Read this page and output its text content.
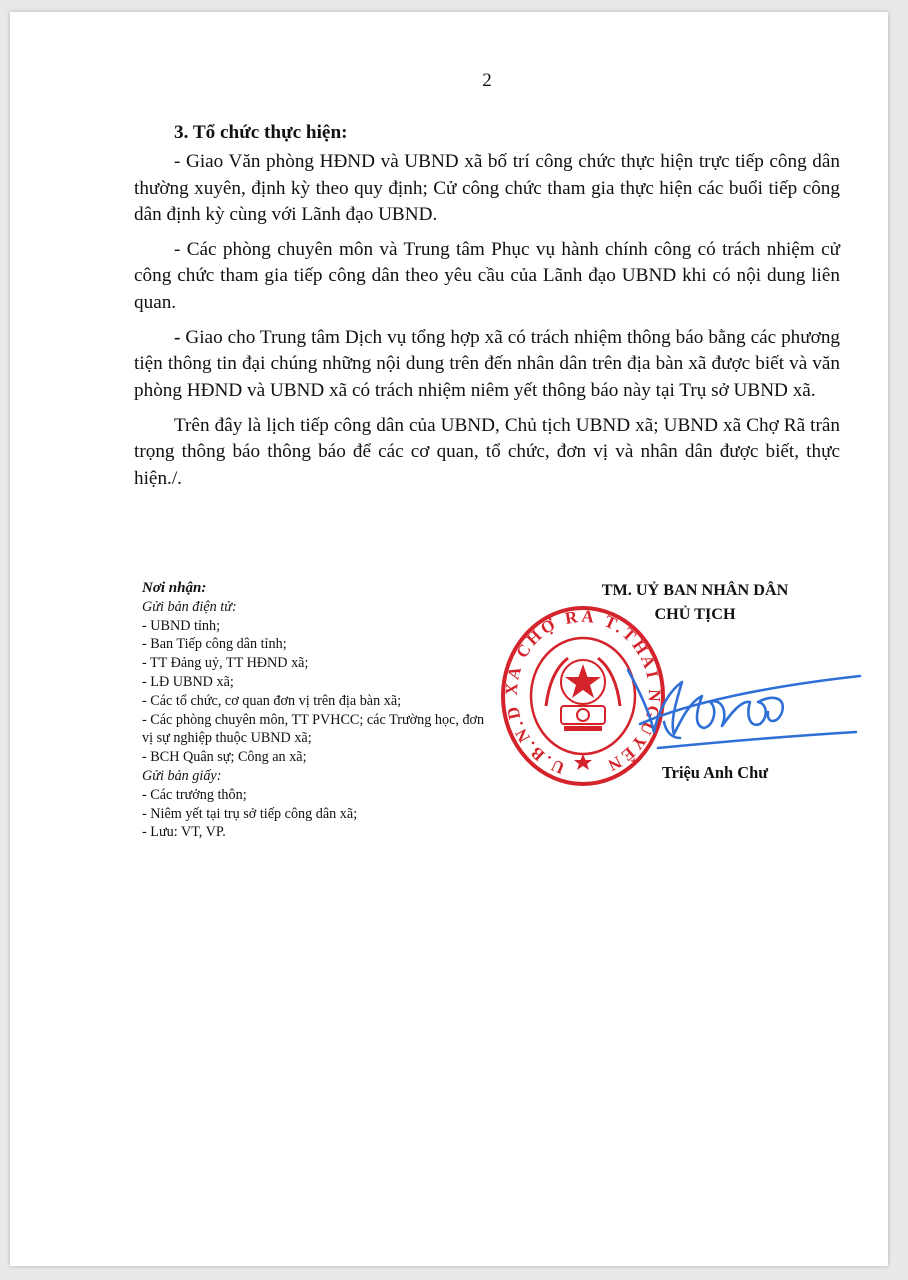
2

3. Tổ chức thực hiện:

- Giao Văn phòng HĐND và UBND xã bố trí công chức thực hiện trực tiếp công dân thường xuyên, định kỳ theo quy định; Cử công chức tham gia thực hiện các buổi tiếp công dân định kỳ cùng với Lãnh đạo UBND.

- Các phòng chuyên môn và Trung tâm Phục vụ hành chính công có trách nhiệm cử công chức tham gia tiếp công dân theo yêu cầu của Lãnh đạo UBND khi có nội dung liên quan.

- Giao cho Trung tâm Dịch vụ tổng hợp xã có trách nhiệm thông báo bằng các phương tiện thông tin đại chúng những nội dung trên đến nhân dân trên địa bàn xã được biết và văn phòng HĐND và UBND xã có trách nhiệm niêm yết thông báo này tại Trụ sở UBND xã.

Trên đây là lịch tiếp công dân của UBND, Chủ tịch UBND xã; UBND xã Chợ Rã trân trọng thông báo thông báo để các cơ quan, tổ chức, đơn vị và nhân dân được biết, thực hiện./.

Nơi nhận:
Gửi bản điện tử:
- UBND tỉnh;
- Ban Tiếp công dân tỉnh;
- TT Đảng uỷ, TT HĐND xã;
- LĐ UBND xã;
- Các tổ chức, cơ quan đơn vị trên địa bàn xã;
- Các phòng chuyên môn, TT PVHCC; các Trường học, đơn vị sự nghiệp thuộc UBND xã;
- BCH Quân sự; Công an xã;
Gửi bản giấy:
- Các trưởng thôn;
- Niêm yết tại trụ sở tiếp công dân xã;
- Lưu: VT, VP.
TM. UỶ BAN NHÂN DÂN
CHỦ TỊCH
U.B.N.D XÃ CHỢ RÃ T.THÁI NGUYÊN	Triệu Anh Chư
